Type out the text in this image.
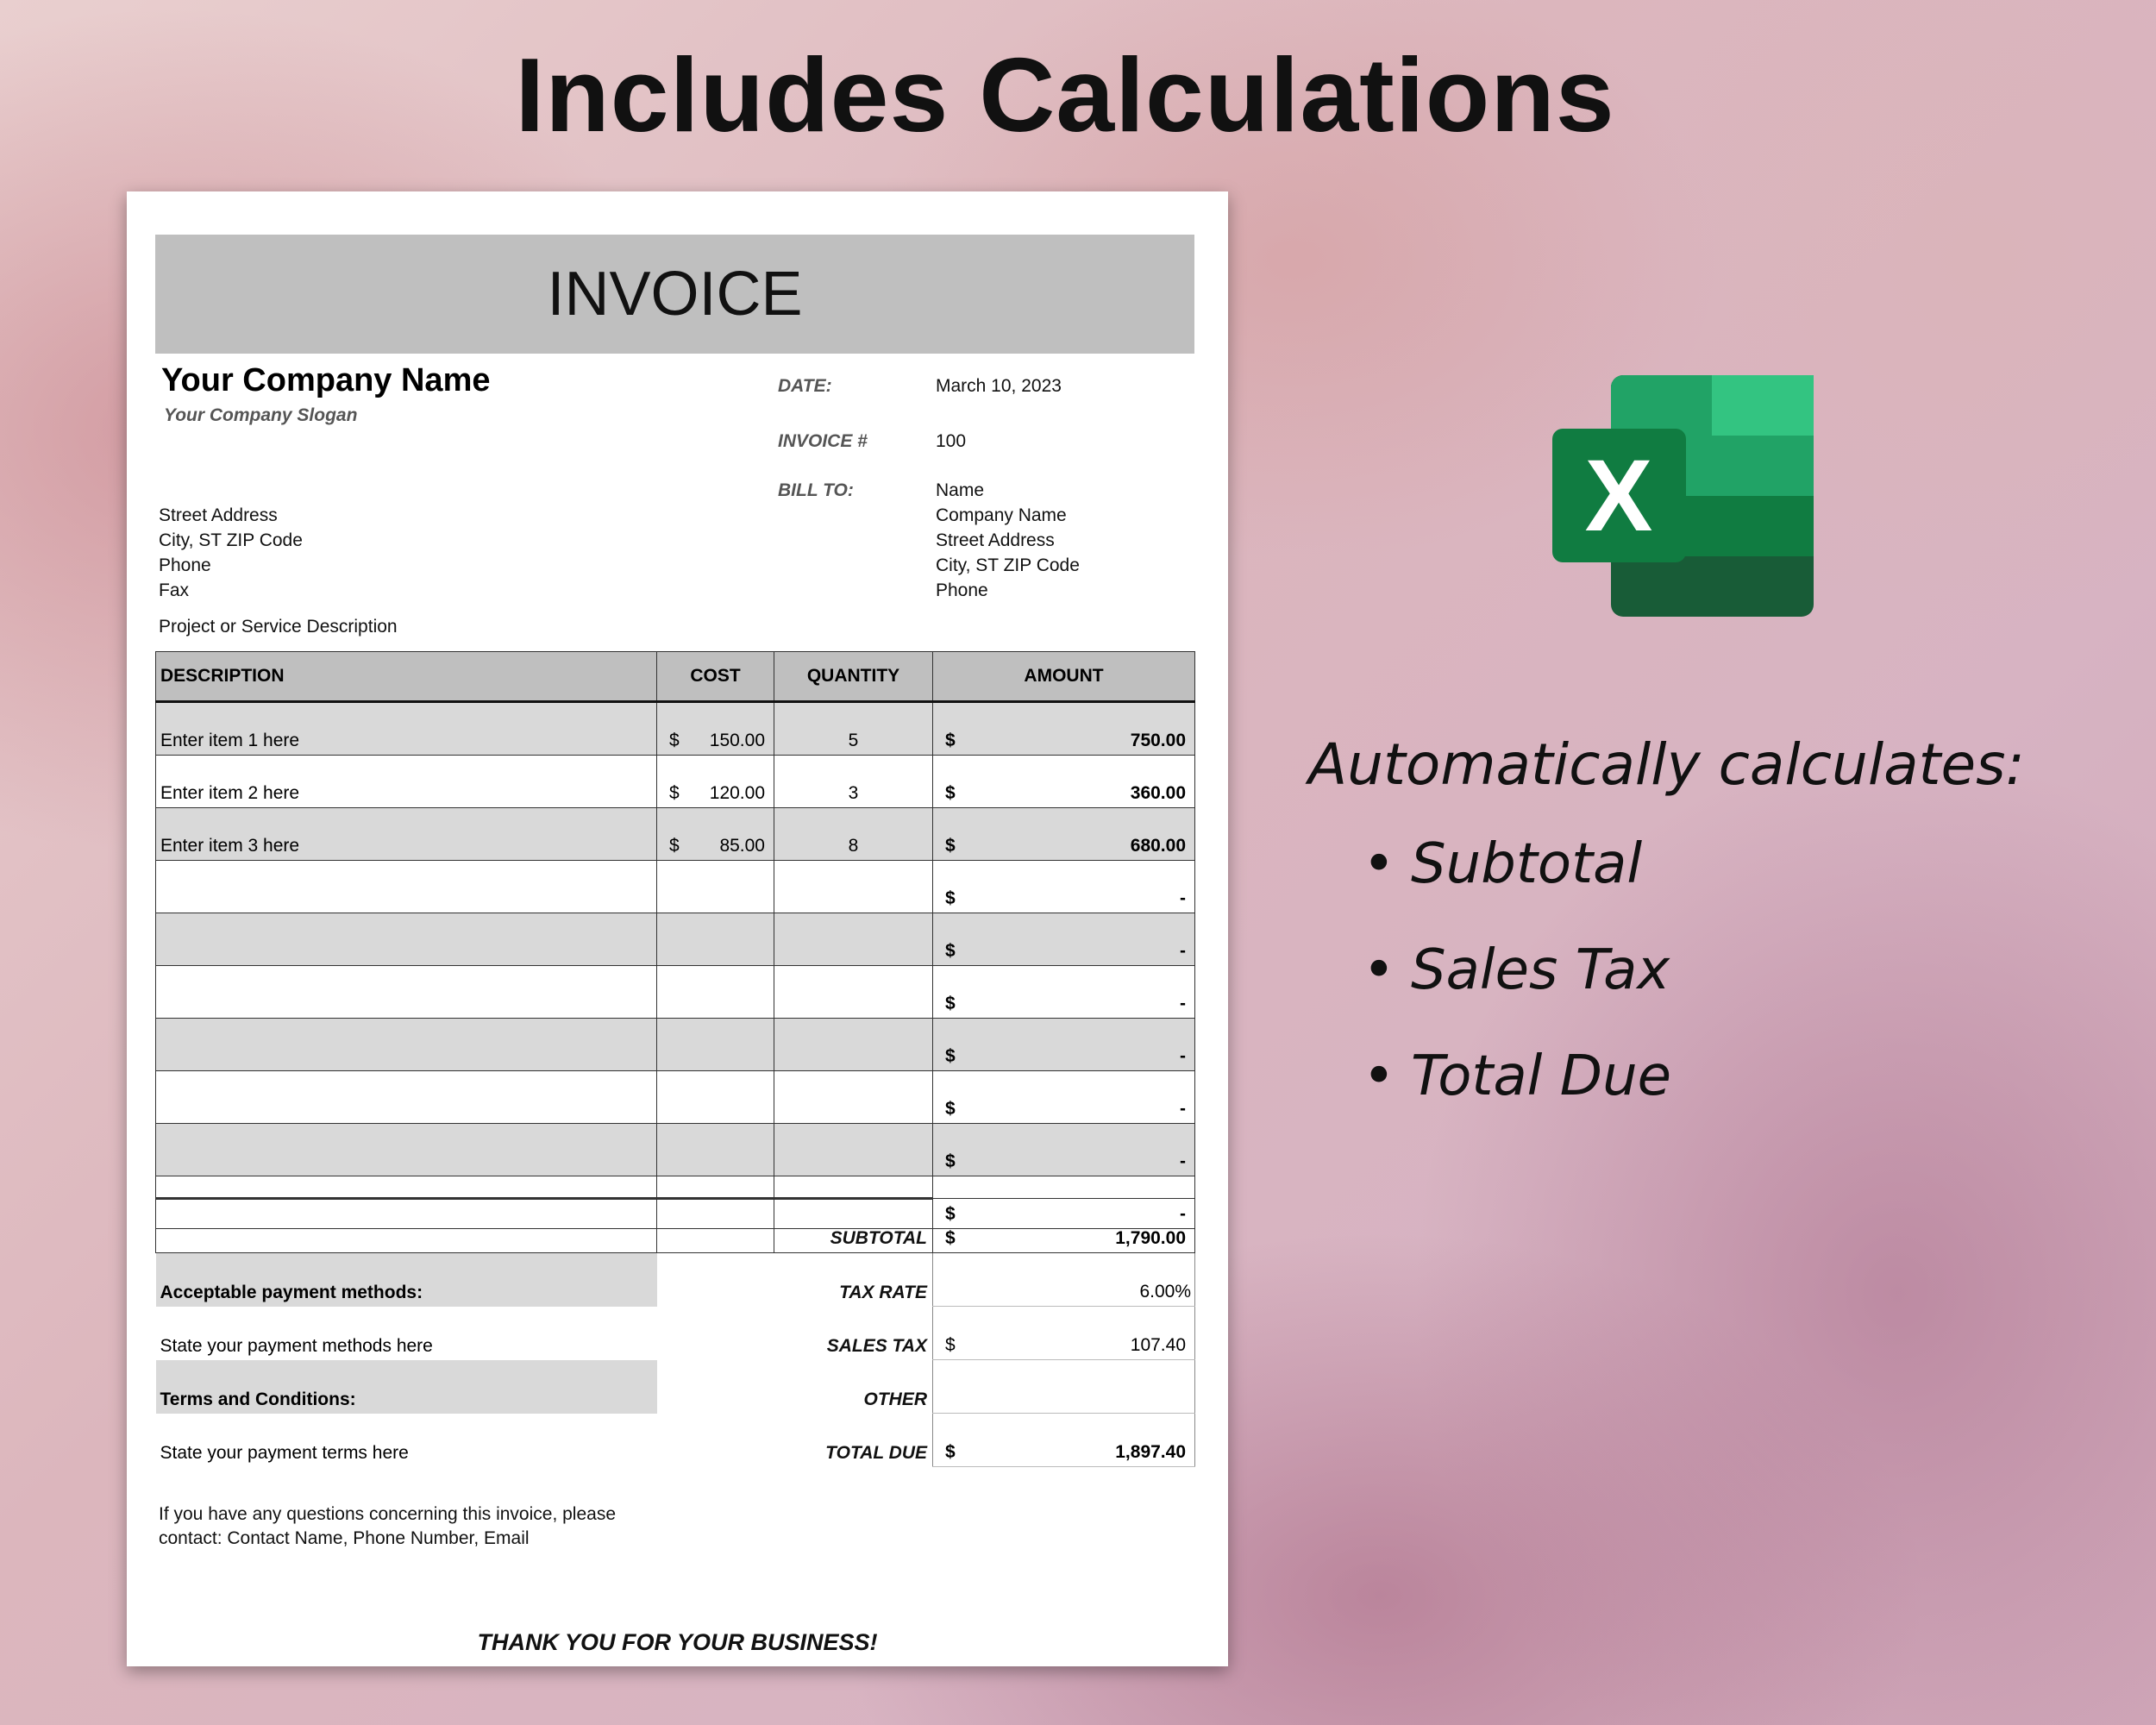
Includes Calculations
INVOICE
Your Company Name
Your Company Slogan
Street Address
City, ST ZIP Code
Phone
Fax
DATE:	March 10, 2023
INVOICE #	100
BILL TO:	Name
Company Name
Street Address
City, ST ZIP Code
Phone
Project or Service Description
DESCRIPTION	COST	QUANTITY	AMOUNT
Enter item 1 here	$ 150.00	5	$ 750.00

Enter item 2 here	$ 120.00	3	$ 360.00

Enter item 3 here	$ 85.00	8	$ 680.00

			$ -

			$ -

			$ -

			$ -

			$ -

			$ -

			$ -
		SUBTOTAL	$ 1,790.00

Acceptable payment methods:		TAX RATE	6.00%
State your payment methods here		SALES TAX	$ 107.40

Terms and Conditions:		OTHER	
State your payment terms here		TOTAL DUE	$ 1,897.40
If you have any questions concerning this invoice, please contact: Contact Name, Phone Number, Email
THANK YOU FOR YOUR BUSINESS!
X
Automatically calculates:
• Subtotal
• Sales Tax
• Total Due
